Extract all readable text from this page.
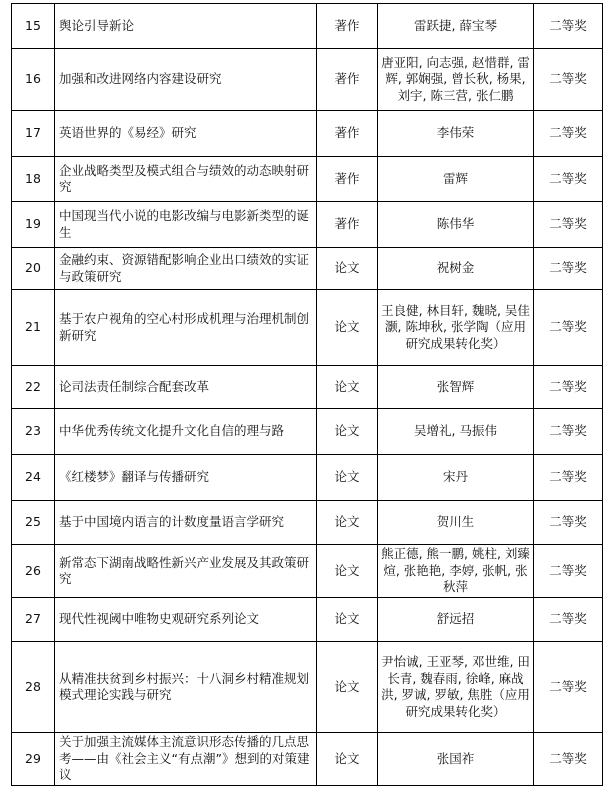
15	舆论引导新论	著作	雷跃捷, 薛宝琴	二等奖
16	加强和改进网络内容建设研究	著作	唐亚阳, 向志强, 赵惜群, 雷辉, 郭娴强, 曾长秋, 杨果, 刘宇, 陈三营, 张仁鹏	二等奖
17	英语世界的《易经》研究	著作	李伟荣	二等奖
18	企业战略类型及模式组合与绩效的动态映射研究	著作	雷辉	二等奖
19	中国现当代小说的电影改编与电影新类型的诞生	著作	陈伟华	二等奖
20	金融约束、资源错配影响企业出口绩效的实证与政策研究	论文	祝树金	二等奖
21	基于农户视角的空心村形成机理与治理机制创新研究	论文	王良健, 林目轩, 魏晓, 吴佳灏, 陈坤秋, 张学陶（应用研究成果转化奖）	二等奖
22	论司法责任制综合配套改革	论文	张智辉	二等奖
23	中华优秀传统文化提升文化自信的理与路	论文	吴增礼, 马振伟	二等奖
24	《红楼梦》翻译与传播研究	论文	宋丹	二等奖
25	基于中国境内语言的计数度量语言学研究	论文	贺川生	二等奖
26	新常态下湖南战略性新兴产业发展及其政策研究	论文	熊正德, 熊一鹏, 姚柱, 刘臻煊, 张艳艳, 李婷, 张帆, 张秋萍	二等奖
27	现代性视阈中唯物史观研究系列论文	论文	舒远招	二等奖
28	从精准扶贫到乡村振兴：十八洞乡村精准规划模式理论实践与研究	论文	尹怡诚, 王亚琴, 邓世维, 田长青, 魏春雨, 徐峰, 麻战洪, 罗诚, 罗敏, 焦胜（应用研究成果转化奖）	二等奖
29	关于加强主流媒体主流意识形态传播的几点思考——由《社会主义“有点潮”》想到的对策建议	论文	张国祚	二等奖
